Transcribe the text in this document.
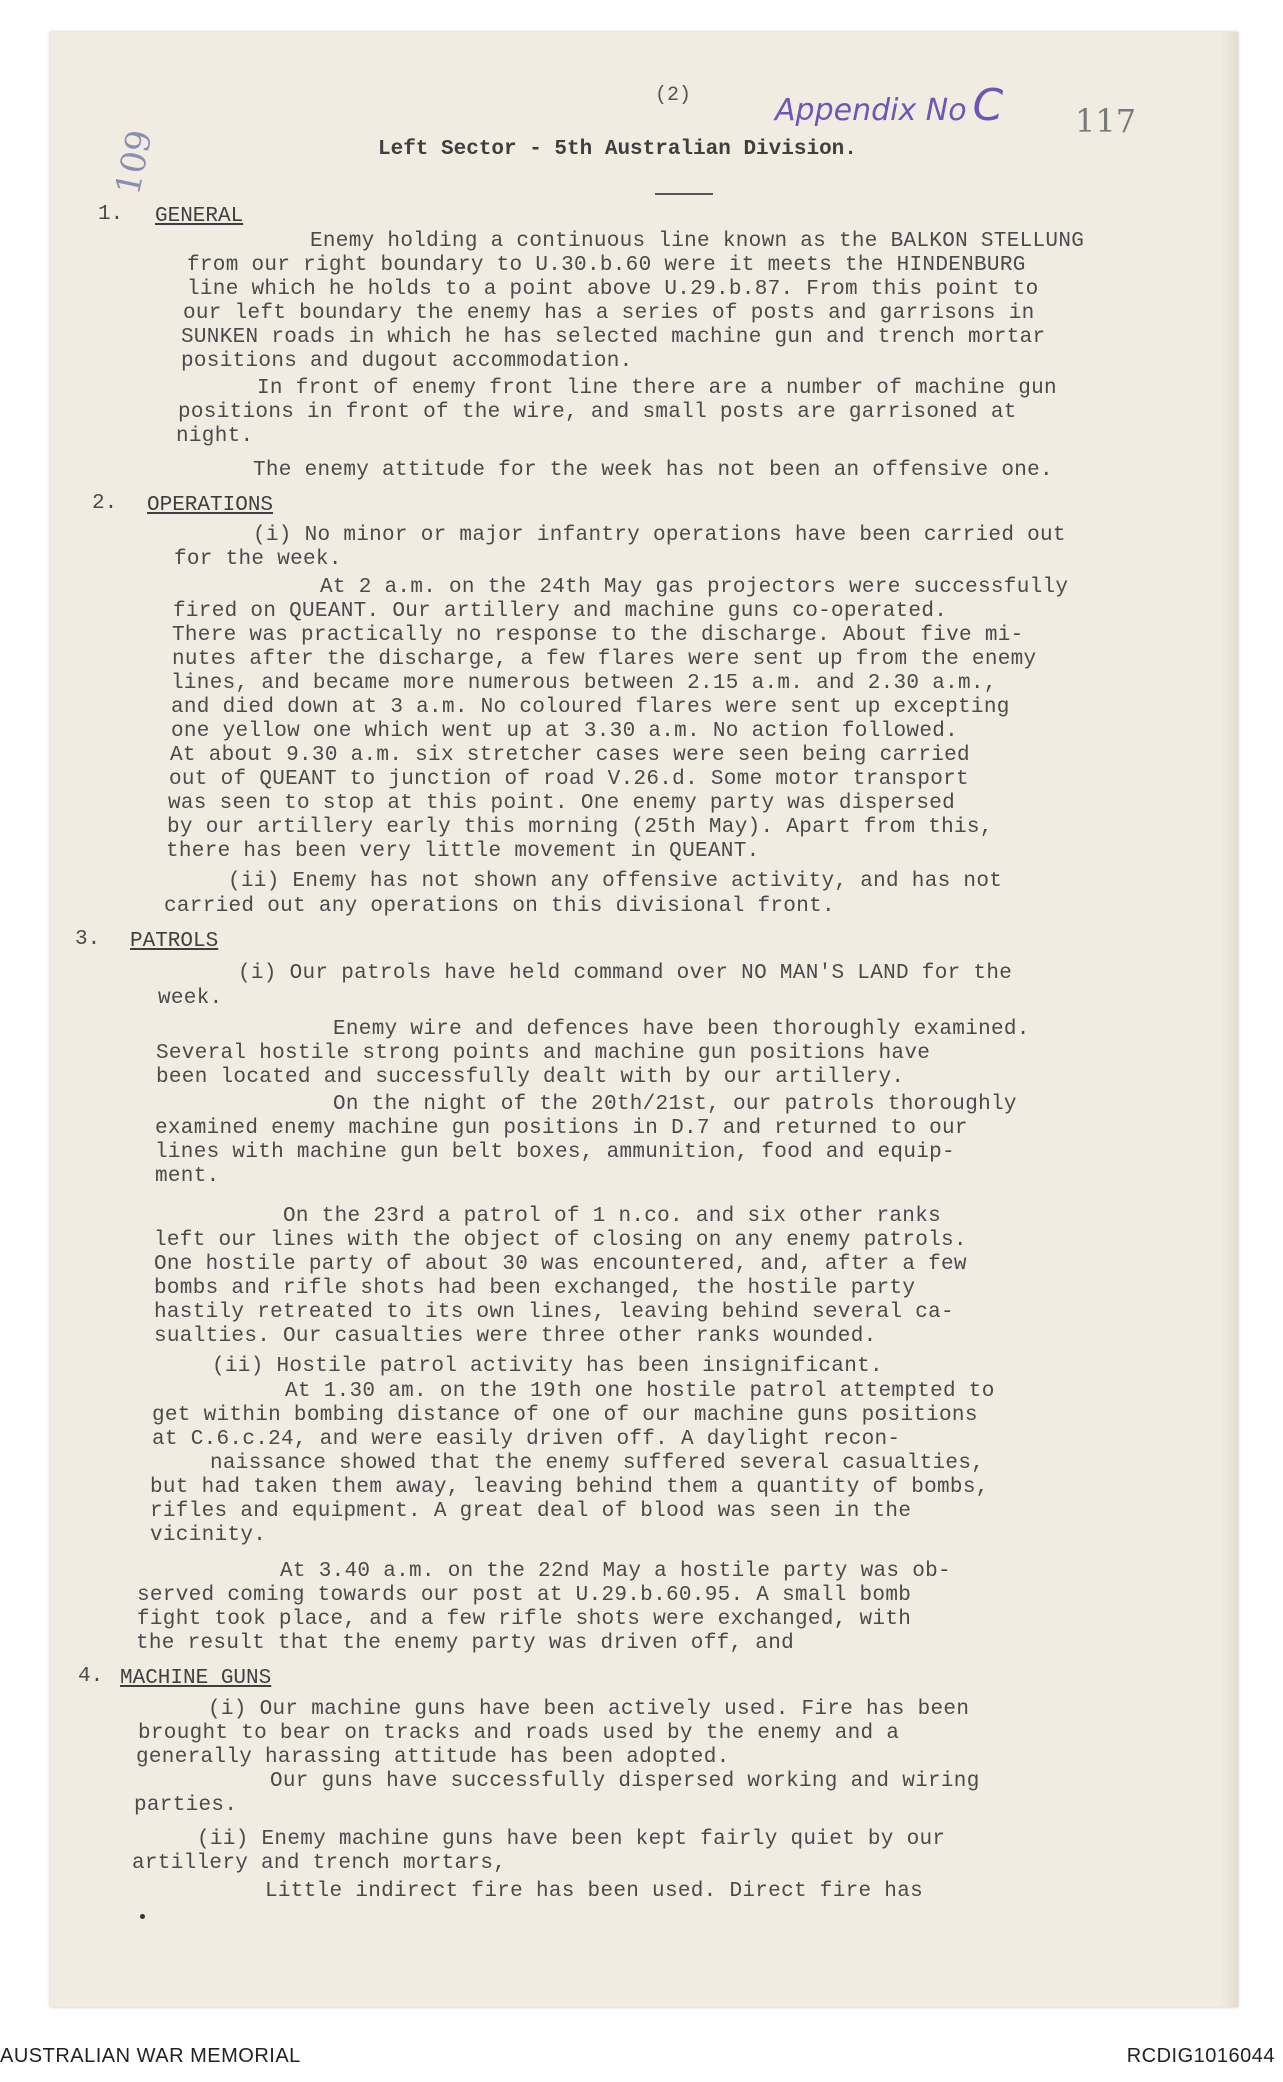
(2)	Appendix No C 117
109	Left Sector - 5th Australian Division.
1. GENERAL
Enemy holding a continuous line known as the BALKON STELLUNG
from our right boundary to U.30.b.60 were it meets the HINDENBURG
line which he holds to a point above U.29.b.87. From this point to
our left boundary the enemy has a series of posts and garrisons in
SUNKEN roads in which he has selected machine gun and trench mortar
positions and dugout accommodation.
In front of enemy front line there are a number of machine gun
positions in front of the wire, and small posts are garrisoned at
night.
The enemy attitude for the week has not been an offensive one.
2. OPERATIONS
(i) No minor or major infantry operations have been carried out
for the week.
At 2 a.m. on the 24th May gas projectors were successfully
fired on QUEANT. Our artillery and machine guns co-operated.
There was practically no response to the discharge. About five mi-
nutes after the discharge, a few flares were sent up from the enemy
lines, and became more numerous between 2.15 a.m. and 2.30 a.m.,
and died down at 3 a.m. No coloured flares were sent up excepting
one yellow one which went up at 3.30 a.m. No action followed.
At about 9.30 a.m. six stretcher cases were seen being carried
out of QUEANT to junction of road V.26.d. Some motor transport
was seen to stop at this point. One enemy party was dispersed
by our artillery early this morning (25th May). Apart from this,
there has been very little movement in QUEANT.
(ii) Enemy has not shown any offensive activity, and has not
carried out any operations on this divisional front.
3. PATROLS
(i) Our patrols have held command over NO MAN'S LAND for the
week.
Enemy wire and defences have been thoroughly examined.
Several hostile strong points and machine gun positions have
been located and successfully dealt with by our artillery.
On the night of the 20th/21st, our patrols thoroughly
examined enemy machine gun positions in D.7 and returned to our
lines with machine gun belt boxes, ammunition, food and equip-
ment.
On the 23rd a patrol of 1 n.co. and six other ranks
left our lines with the object of closing on any enemy patrols.
One hostile party of about 30 was encountered, and, after a few
bombs and rifle shots had been exchanged, the hostile party
hastily retreated to its own lines, leaving behind several ca-
sualties. Our casualties were three other ranks wounded.
(ii) Hostile patrol activity has been insignificant.
At 1.30 am. on the 19th one hostile patrol attempted to
get within bombing distance of one of our machine guns positions
at C.6.c.24, and were easily driven off. A daylight recon-
naissance showed that the enemy suffered several casualties,
but had taken them away, leaving behind them a quantity of bombs,
rifles and equipment. A great deal of blood was seen in the
vicinity.
At 3.40 a.m. on the 22nd May a hostile party was ob-
served coming towards our post at U.29.b.60.95. A small bomb
fight took place, and a few rifle shots were exchanged, with
the result that the enemy party was driven off, and
4. MACHINE GUNS
(i) Our machine guns have been actively used. Fire has been
brought to bear on tracks and roads used by the enemy and a
generally harassing attitude has been adopted.
Our guns have successfully dispersed working and wiring
parties.
(ii) Enemy machine guns have been kept fairly quiet by our
artillery and trench mortars,
Little indirect fire has been used. Direct fire has
AUSTRALIAN WAR MEMORIAL	RCDIG1016044
